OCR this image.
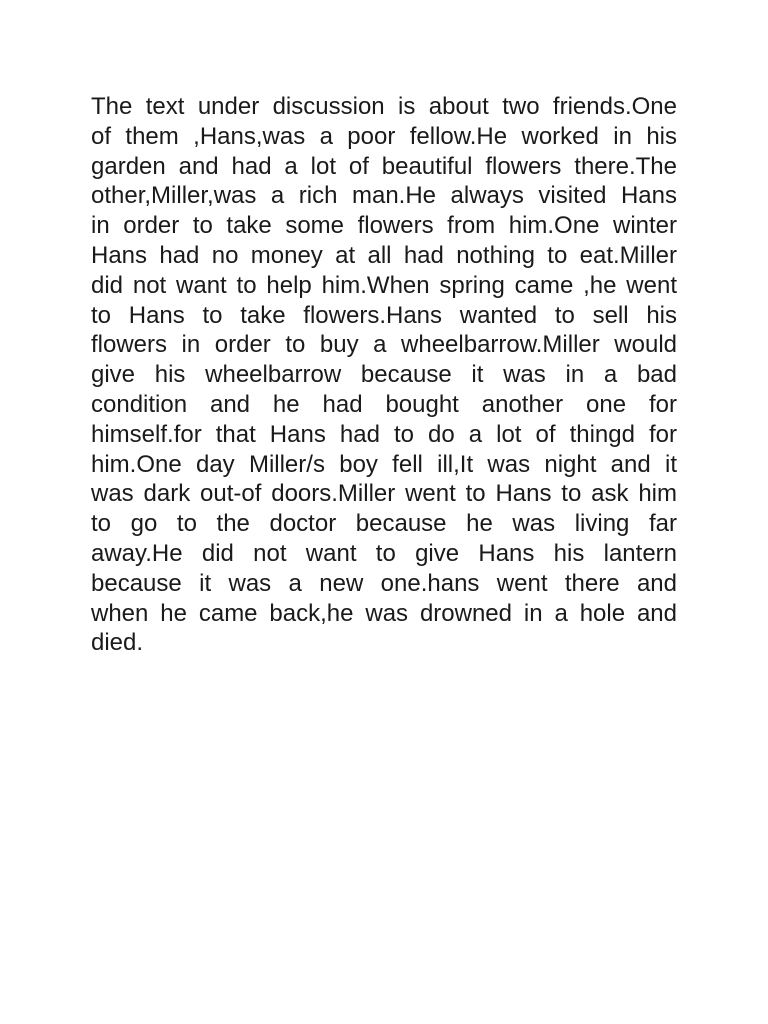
The text under discussion is about two friends.One
of them ,Hans,was a poor fellow.He worked in his
garden and had a lot of beautiful flowers there.The
other,Miller,was a rich man.He always visited Hans
in order to take some flowers from him.One winter
Hans had no money at all had nothing to eat.Miller
did not want to help him.When spring came ,he went
to Hans to take flowers.Hans wanted to sell his
flowers in order to buy a wheelbarrow.Miller would
give his wheelbarrow because it was in a bad
condition and he had bought another one for
himself.for that Hans had to do a lot of thingd for
him.One day Miller/s boy fell ill,It was night and it
was dark out-of doors.Miller went to Hans to ask him
to go to the doctor because he was living far
away.He did not want to give Hans his lantern
because it was a new one.hans went there and
when he came back,he was drowned in a hole and
died.
